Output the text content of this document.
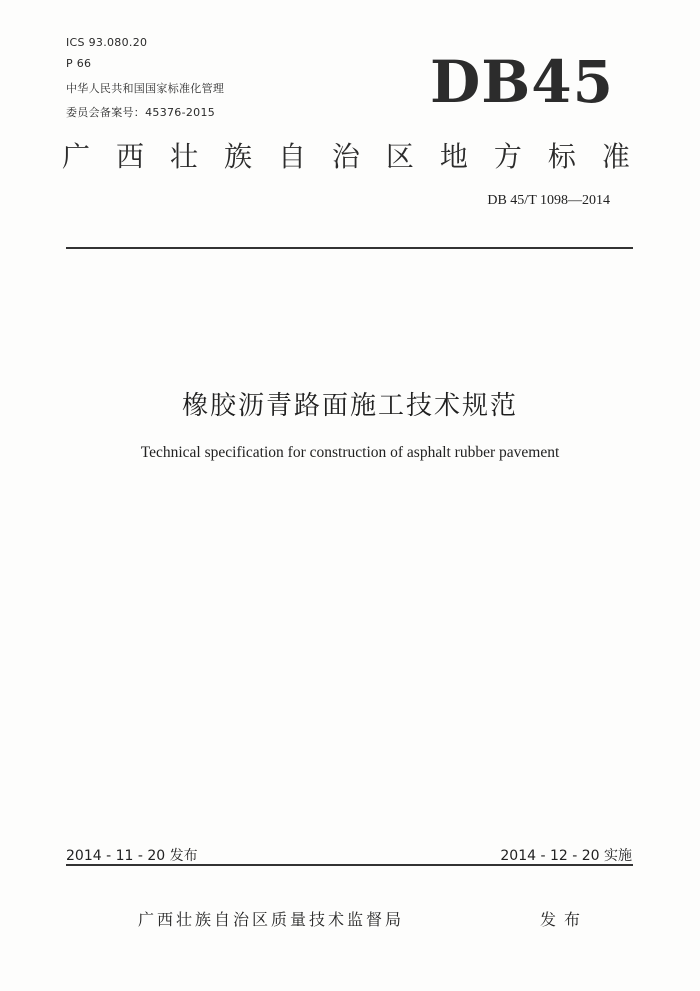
ICS 93.080.20
P 66
中华人民共和国国家标准化管理
委员会备案号：45376-2015	DB45
广 西 壮 族 自 治 区 地 方 标 准
DB 45/T 1098—2014
橡胶沥青路面施工技术规范
Technical specification for construction of asphalt rubber pavement
2014 - 11 - 20 发布	2014 - 12 - 20 实施
广西壮族自治区质量技术监督局	发布
